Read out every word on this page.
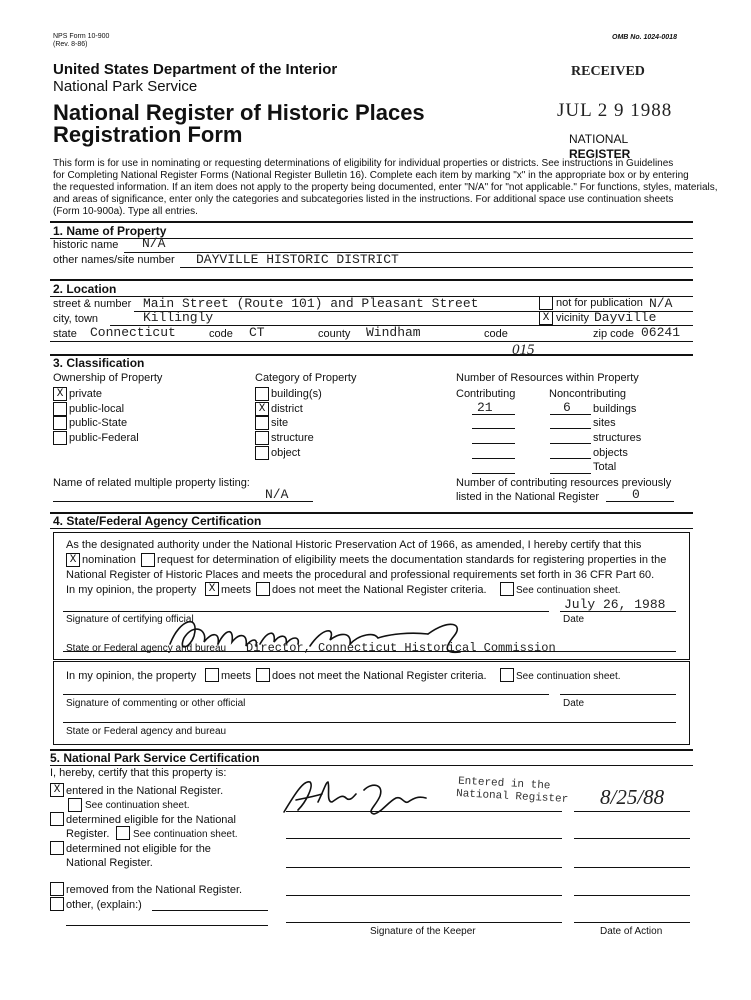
NPS Form 10-900
(Rev. 8-86)
OMB No. 1024-0018
United States Department of the Interior
National Park Service
National Register of Historic Places
Registration Form
RECEIVED
JUL 2 9 1988
NATIONAL
REGISTER
This form is for use in nominating or requesting determinations of eligibility for individual properties or districts. See instructions in Guidelines
for Completing National Register Forms (National Register Bulletin 16). Complete each item by marking "x" in the appropriate box or by entering
the requested information. If an item does not apply to the property being documented, enter "N/A" for "not applicable." For functions, styles, materials,
and areas of significance, enter only the categories and subcategories listed in the instructions. For additional space use continuation sheets
(Form 10-900a). Type all entries.
1. Name of Property
historic name N/A
other names/site number DAYVILLE HISTORIC DISTRICT
2. Location
street & number Main Street (Route 101) and Pleasant Street	not for publication N/A
city, town	Killingly	X vicinity Dayville
state Connecticut	code CT	county Windham	code	zip code 06241
015
3. Classification
Ownership of Property
X private
public-local
public-State
public-Federal
Category of Property
building(s)
X district
site
structure
object
Number of Resources within Property
Contributing	Noncontributing
21	6 buildings
sites
structures
objects
Total
Name of related multiple property listing:
N/A
Number of contributing resources previously
listed in the National Register	0
4. State/Federal Agency Certification
As the designated authority under the National Historic Preservation Act of 1966, as amended, I hereby certify that this
X nomination request for determination of eligibility meets the documentation standards for registering properties in the
National Register of Historic Places and meets the procedural and professional requirements set forth in 36 CFR Part 60.
In my opinion, the property	X meets does not meet the National Register criteria.	See continuation sheet.
July 26, 1988
Signature of certifying official	Date
State or Federal agency and bureau Director, Connecticut Historical Commission
In my opinion, the property meets does not meet the National Register criteria.	See continuation sheet.
Signature of commenting or other official	Date
State or Federal agency and bureau
5. National Park Service Certification
I, hereby, certify that this property is:
X entered in the National Register.
See continuation sheet.
determined eligible for the National
Register. See continuation sheet.
determined not eligible for the
National Register.
removed from the National Register.
other, (explain:)
Entered in the
National Register 8/25/88
Signature of the Keeper	Date of Action
